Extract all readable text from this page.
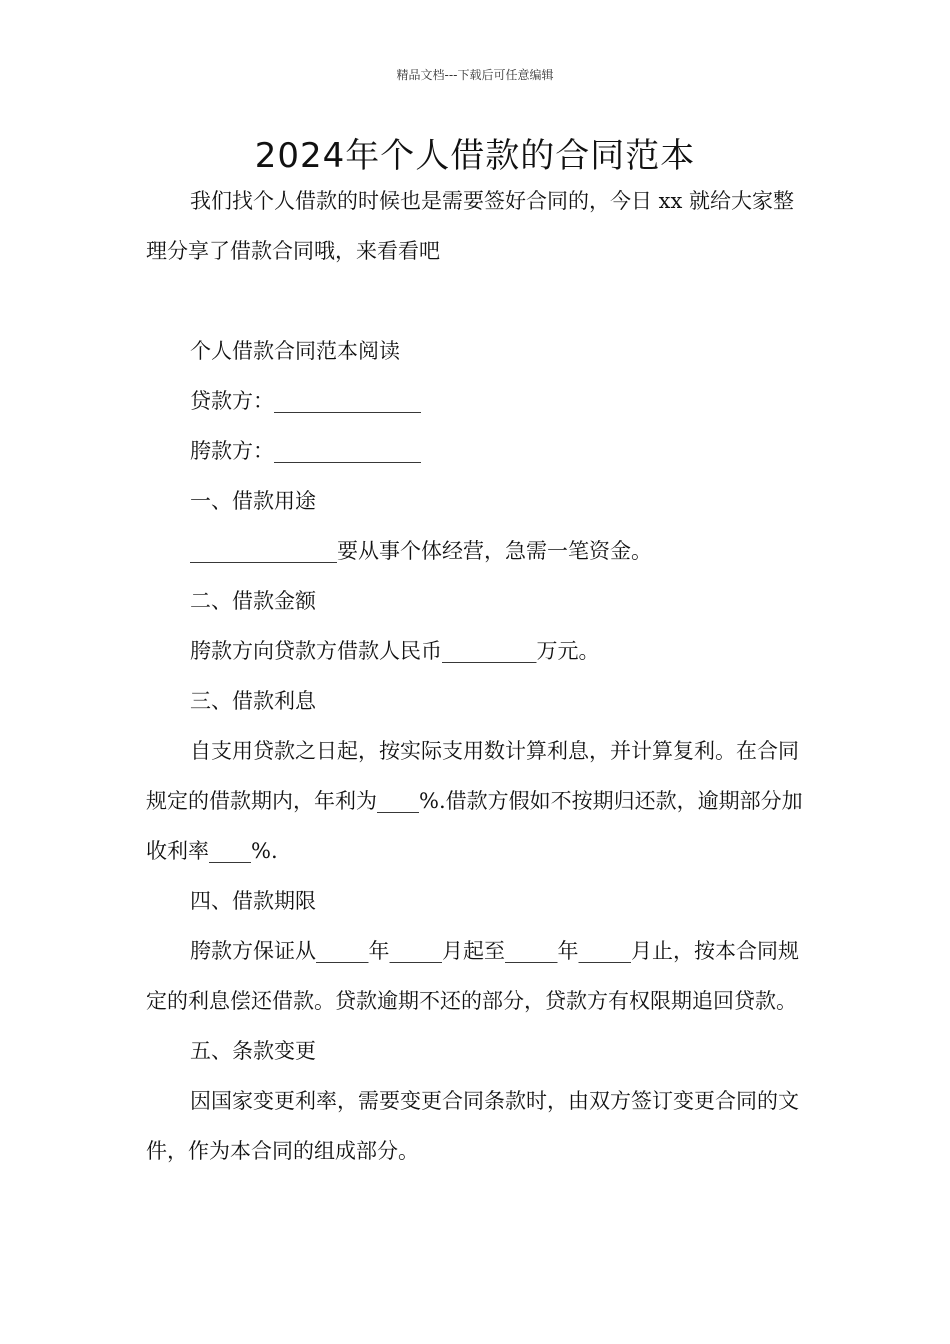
精品文档---下载后可任意编辑
2024年个人借款的合同范本

我们找个人借款的时候也是需要签好合同的，今日 xx 就给大家整理分享了借款合同哦，来看看吧

个人借款合同范本阅读

贷款方：______________

胯款方：______________

一、借款用途

______________要从事个体经营，急需一笔资金。

二、借款金额

胯款方向贷款方借款人民币_________万元。

三、借款利息

自支用贷款之日起，按实际支用数计算利息，并计算复利。在合同规定的借款期内，年利为____%.借款方假如不按期归还款，逾期部分加收利率____%.

四、借款期限

胯款方保证从_____年_____月起至_____年_____月止，按本合同规定的利息偿还借款。贷款逾期不还的部分，贷款方有权限期追回贷款。

五、条款变更

因国家变更利率，需要变更合同条款时，由双方签订变更合同的文件，作为本合同的组成部分。
